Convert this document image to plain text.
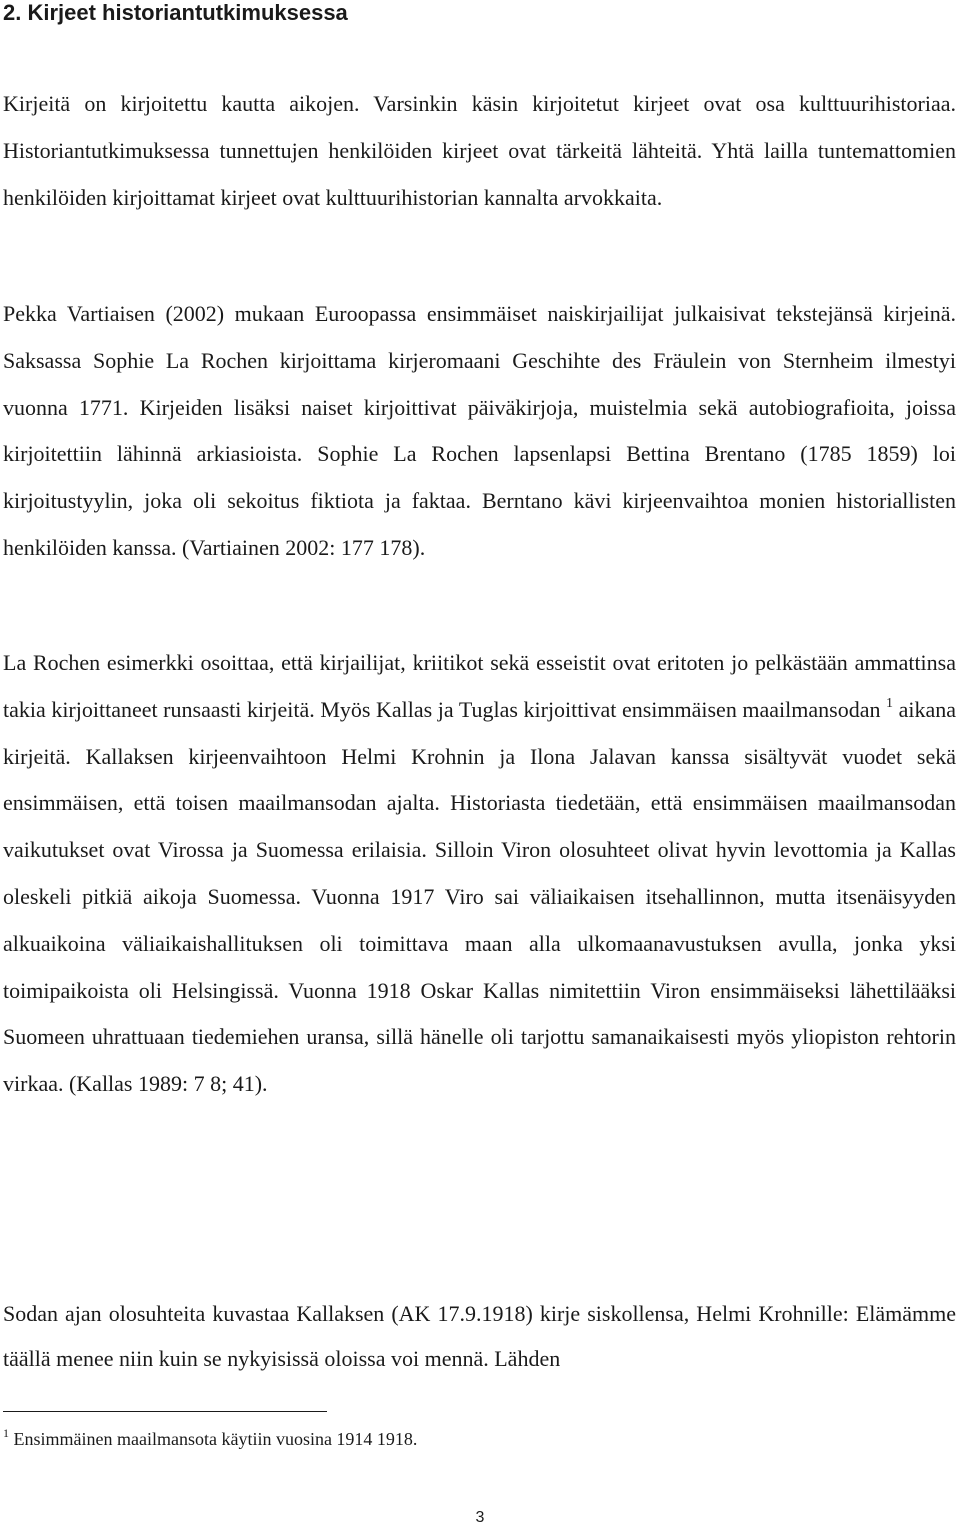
2. Kirjeet historiantutkimuksessa

Kirjeitä on kirjoitettu kautta aikojen. Varsinkin käsin kirjoitetut kirjeet ovat osa kulttuurihistoriaa. Historiantutkimuksessa tunnettujen henkilöiden kirjeet ovat tärkeitä lähteitä. Yhtä lailla tuntemattomien henkilöiden kirjoittamat kirjeet ovat kulttuurihistorian kannalta arvokkaita.

Pekka Vartiaisen (2002) mukaan Euroopassa ensimmäiset naiskirjailijat julkaisivat tekstejänsä kirjeinä. Saksassa Sophie La Rochen kirjoittama kirjeromaani Geschihte des Fräulein von Sternheim ilmestyi vuonna 1771. Kirjeiden lisäksi naiset kirjoittivat päiväkirjoja, muistelmia sekä autobiografioita, joissa kirjoitettiin lähinnä arkiasioista. Sophie La Rochen lapsenlapsi Bettina Brentano (1785 1859) loi kirjoitustyylin, joka oli sekoitus fiktiota ja faktaa. Berntano kävi kirjeenvaihtoa monien historiallisten henkilöiden kanssa. (Vartiainen 2002: 177 178).

La Rochen esimerkki osoittaa, että kirjailijat, kriitikot sekä esseistit ovat eritoten jo pelkästään ammattinsa takia kirjoittaneet runsaasti kirjeitä. Myös Kallas ja Tuglas kirjoittivat ensimmäisen maailmansodan $^1$ aikana kirjeitä. Kallaksen kirjeenvaihtoon Helmi Krohnin ja Ilona Jalavan kanssa sisältyvät vuodet sekä ensimmäisen, että toisen maailmansodan ajalta. Historiasta tiedetään, että ensimmäisen maailmansodan vaikutukset ovat Virossa ja Suomessa erilaisia. Silloin Viron olosuhteet olivat hyvin levottomia ja Kallas oleskeli pitkiä aikoja Suomessa. Vuonna 1917 Viro sai väliaikaisen itsehallinnon, mutta itsenäisyyden alkuaikoina väliaikaishallituksen oli toimittava maan alla ulkomaanavustuksen avulla, jonka yksi toimipaikoista oli Helsingissä. Vuonna 1918 Oskar Kallas nimitettiin Viron ensimmäiseksi lähettilääksi Suomeen uhrattuaan tiedemiehen uransa, sillä hänelle oli tarjottu samanaikaisesti myös yliopiston rehtorin virkaa. (Kallas 1989: 7 8; 41).

Sodan ajan olosuhteita kuvastaa Kallaksen (AK 17.9.1918) kirje siskollensa, Helmi Krohnille: Elämämme täällä menee niin kuin se nykyisissä oloissa voi mennä. Lähden

$^1$ Ensimmäinen maailmansota käytiin vuosina 1914 1918.

3
